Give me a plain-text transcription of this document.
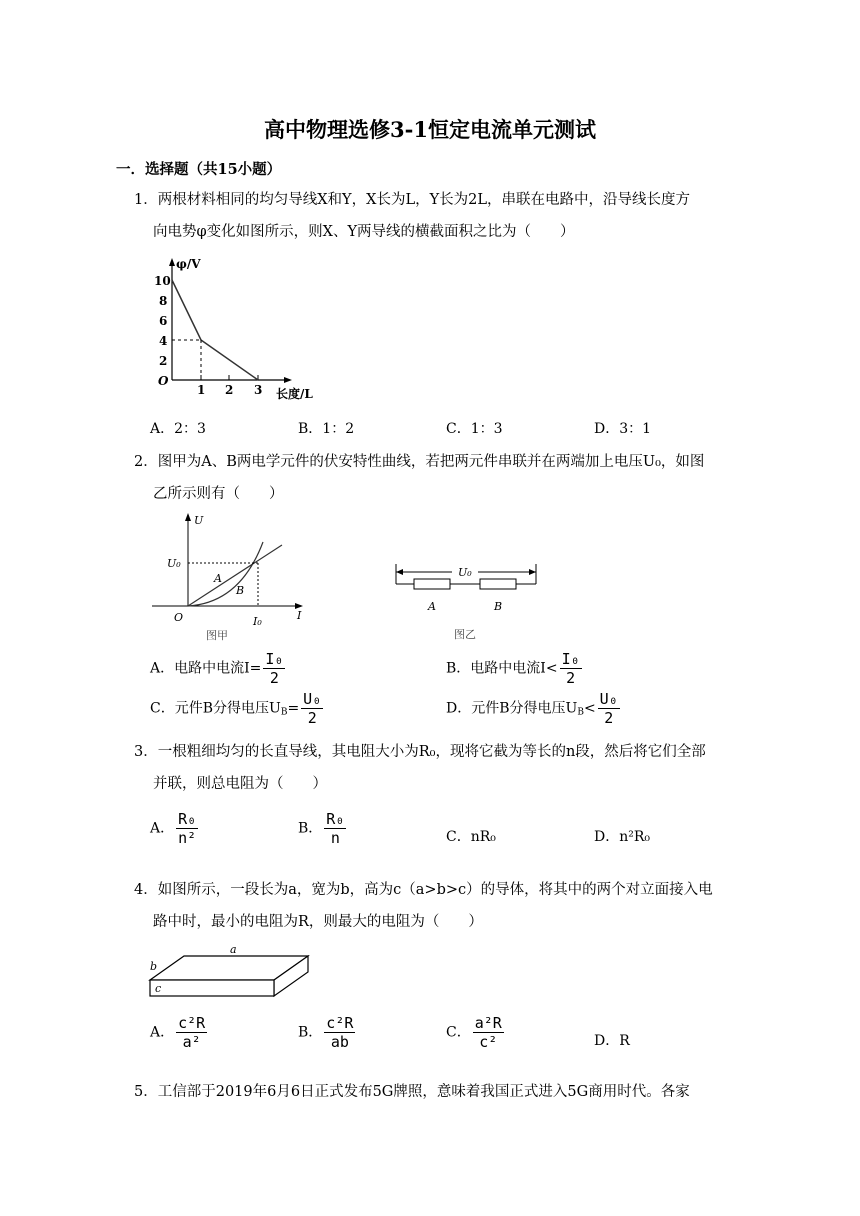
高中物理选修3-1恒定电流单元测试
一．选择题（共15小题）
1．两根材料相同的均匀导线X和Y，X长为L，Y长为2L，串联在电路中，沿导线长度方
向电势φ变化如图所示，则X、Y两导线的横截面积之比为（　　）
φ/V
10
8
6
4
2
O
1 2 3 长度/L
A．2：3	B．1：2	C．1：3	D．3：1
2．图甲为A、B两电学元件的伏安特性曲线，若把两元件串联并在两端加上电压U₀，如图
乙所示则有（　　）
U
U₀
A
B
O	I₀	I
图甲
U₀
A	B
图乙
A．电路中电流$I= \frac{\text{I₀}}{2}$	B．电路中电流$I< \frac{\text{I₀}}{2}$
C．元件B分得电压$U_B= \frac{\text{U₀}}{2}$	D．元件B分得电压$U_B< \frac{\text{U₀}}{2}$
3．一根粗细均匀的长直导线，其电阻大小为R₀，现将它截为等长的n段，然后将它们全部
并联，则总电阻为（　　）
A． $\frac{\text{R₀}}{\text{n²}}$	B． $\frac{\text{R₀}}{n}$	C．nR₀	D．n²R₀
4．如图所示，一段长为a，宽为b，高为c（a>b>c）的导体，将其中的两个对立面接入电
路中时，最小的电阻为R，则最大的电阻为（　　）
a
b
c
A． $\frac{\text{c²R}}{\text{a²}}$	B． $\frac{\text{c²R}}{ab}$	C． $\frac{\text{a²R}}{\text{c²}}$	D．R
5．工信部于2019年6月6日正式发布5G牌照，意味着我国正式进入5G商用时代。各家
